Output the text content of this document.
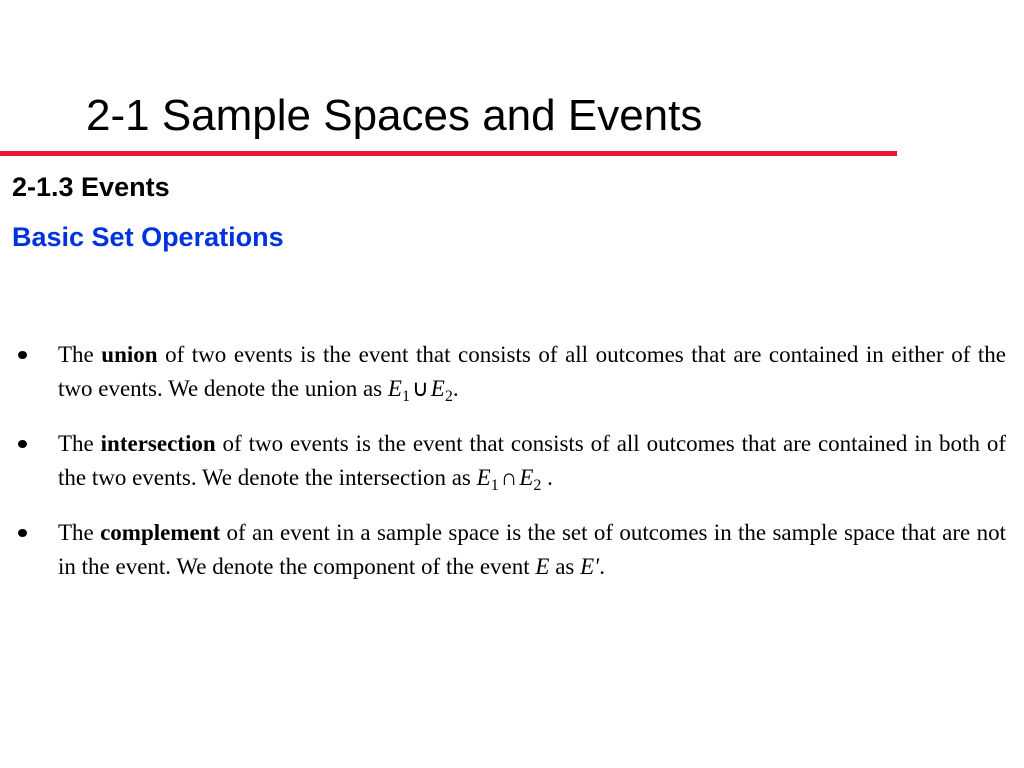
2-1 Sample Spaces and Events
2-1.3 Events
Basic Set Operations
The union of two events is the event that consists of all outcomes that are contained in either of the two events. We denote the union as $E_1\cup E_2$.
The intersection of two events is the event that consists of all outcomes that are contained in both of the two events. We denote the intersection as $E_1\cap E_2$ .
The complement of an event in a sample space is the set of outcomes in the sample space that are not in the event. We denote the component of the event E as E′.
